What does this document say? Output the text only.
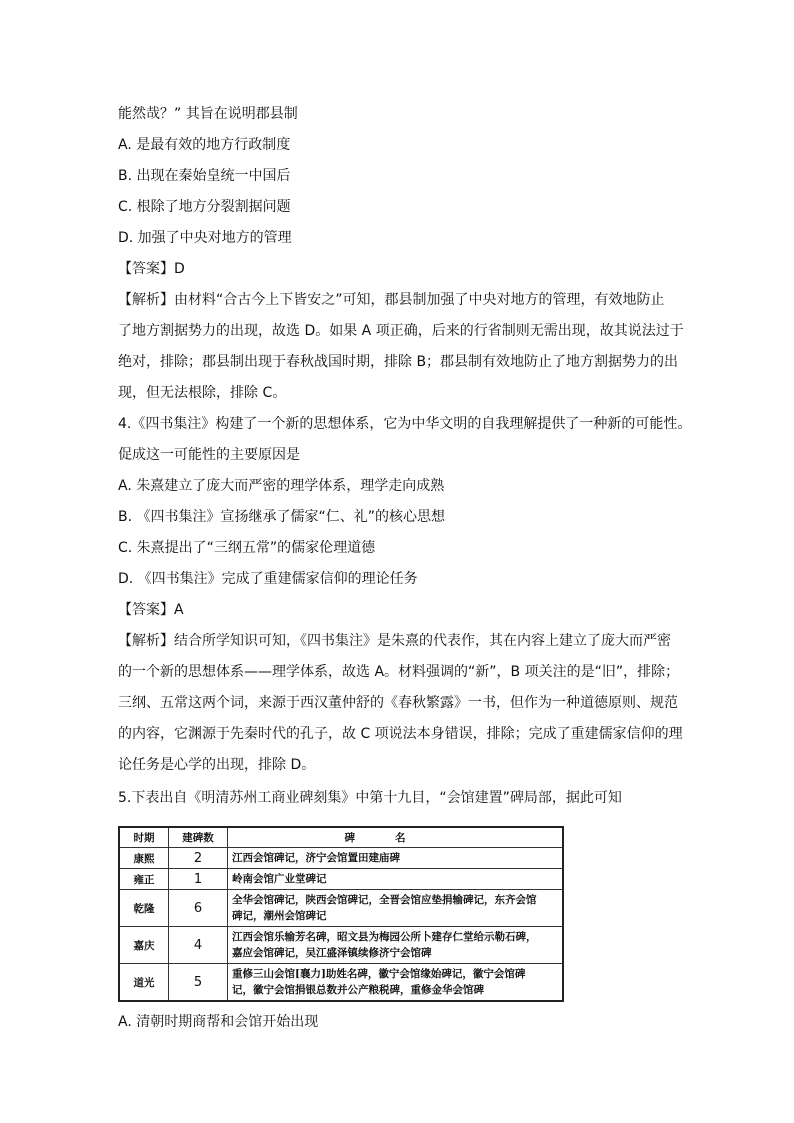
能然哉？” 其旨在说明郡县制
A. 是最有效的地方行政制度
B. 出现在秦始皇统一中国后
C. 根除了地方分裂割据问题
D. 加强了中央对地方的管理
【答案】D
【解析】由材料“合古今上下皆安之”可知，郡县制加强了中央对地方的管理，有效地防止
了地方割据势力的出现，故选 D。如果 A 项正确，后来的行省制则无需出现，故其说法过于
绝对，排除；郡县制出现于春秋战国时期，排除 B；郡县制有效地防止了地方割据势力的出
现，但无法根除，排除 C。
4.《四书集注》构建了一个新的思想体系，它为中华文明的自我理解提供了一种新的可能性。
促成这一可能性的主要原因是
A. 朱熹建立了庞大而严密的理学体系，理学走向成熟
B. 《四书集注》宣扬继承了儒家“仁、礼”的核心思想
C. 朱熹提出了“三纲五常”的儒家伦理道德
D. 《四书集注》完成了重建儒家信仰的理论任务
【答案】A
【解析】结合所学知识可知，《四书集注》是朱熹的代表作，其在内容上建立了庞大而严密
的一个新的思想体系——理学体系，故选 A。材料强调的“新”，B 项关注的是“旧”，排除；
三纲、五常这两个词，来源于西汉董仲舒的《春秋繁露》一书，但作为一种道德原则、规范
的内容，它渊源于先秦时代的孔子，故 C 项说法本身错误，排除；完成了重建儒家信仰的理
论任务是心学的出现，排除 D。
5.下表出自《明清苏州工商业碑刻集》中第十九目，“会馆建置”碑局部，据此可知
时期	建碑数	碑名
康熙	2	江西会馆碑记，济宁会馆置田建庙碑

雍正	1	岭南会馆广业堂碑记

乾隆	6	全华会馆碑记，陕西会馆碑记，全晋会馆应垫捐输碑记，东齐会馆
碑记，潮州会馆碑记

嘉庆	4	江西会馆乐输芳名碑，昭文县为梅园公所卜建存仁堂给示勒石碑，
嘉应会馆碑记，吴江盛泽镇续修济宁会馆碑

道光	5	重修三山会馆[襄力]助姓名碑，徽宁会馆缘始碑记，徽宁会馆碑
记，徽宁会馆捐银总数并公产粮税碑，重修金华会馆碑
A. 清朝时期商帮和会馆开始出现
